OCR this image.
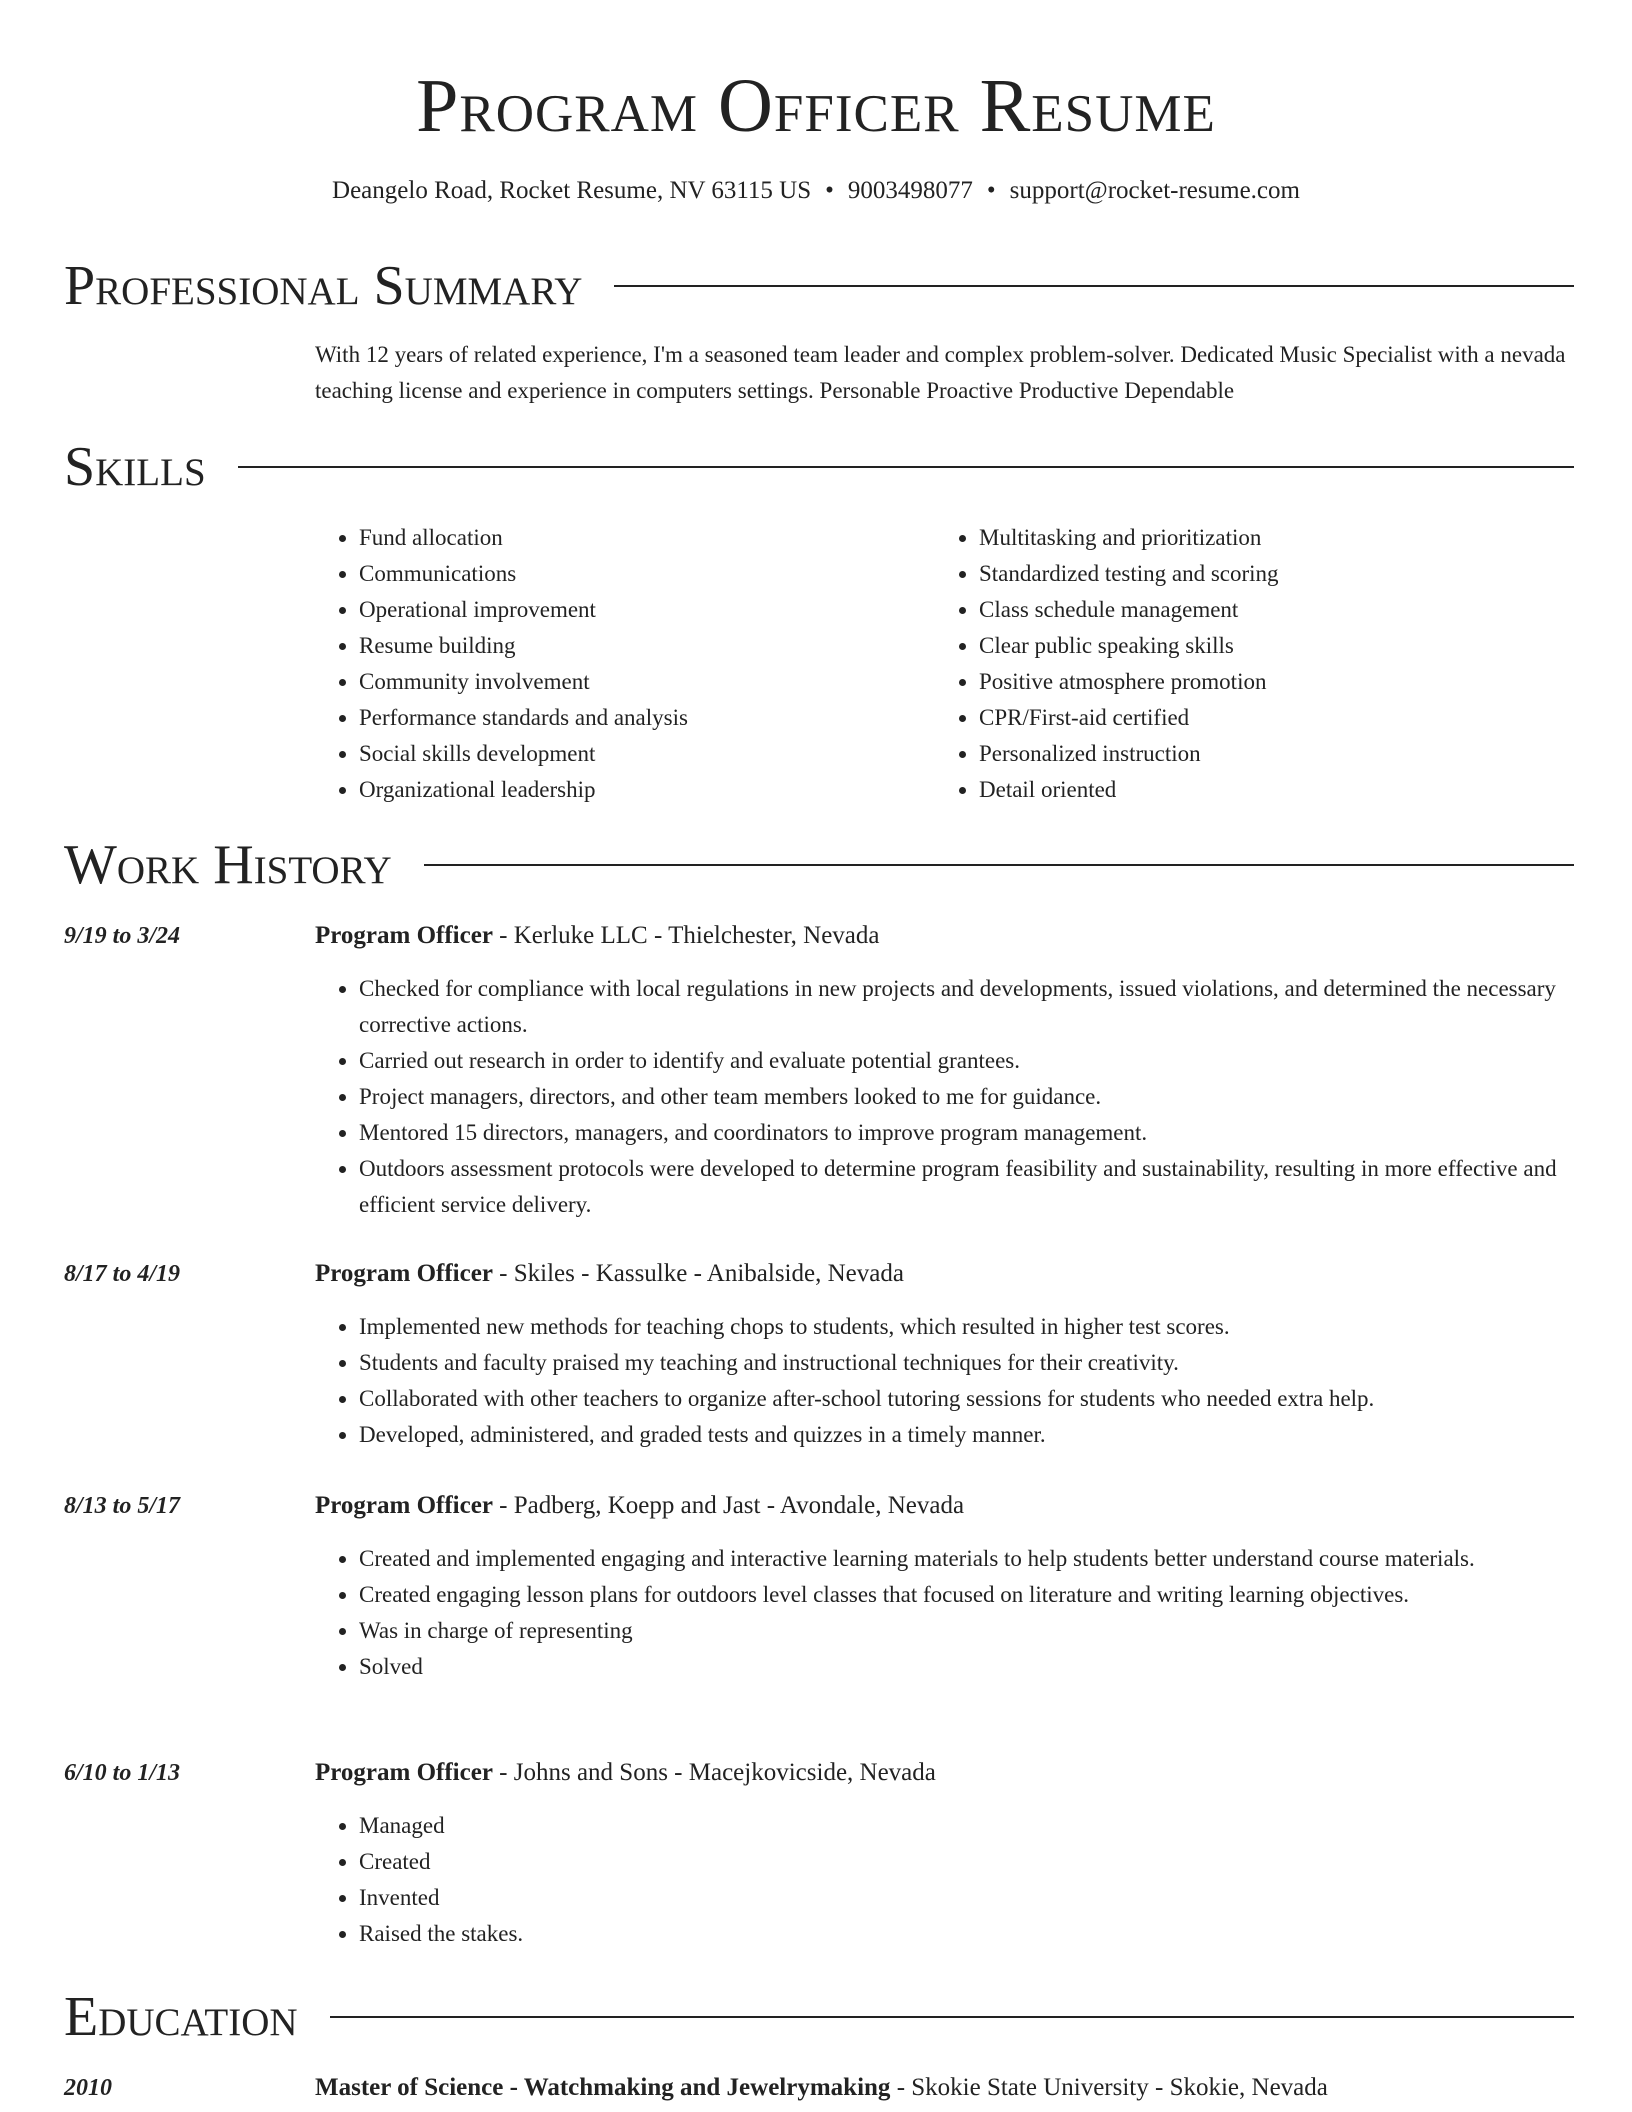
Program Officer Resume
Deangelo Road, Rocket Resume, NV 63115 US • 9003498077 • support@rocket-resume.com
Professional Summary
With 12 years of related experience, I'm a seasoned team leader and complex problem-solver. Dedicated Music Specialist with a nevada teaching license and experience in computers settings. Personable Proactive Productive Dependable
Skills
• Fund allocation
• Communications
• Operational improvement
• Resume building
• Community involvement
• Performance standards and analysis
• Social skills development
• Organizational leadership
• Multitasking and prioritization
• Standardized testing and scoring
• Class schedule management
• Clear public speaking skills
• Positive atmosphere promotion
• CPR/First-aid certified
• Personalized instruction
• Detail oriented
Work History
9/19 to 3/24	Program Officer - Kerluke LLC - Thielchester, Nevada
• Checked for compliance with local regulations in new projects and developments, issued violations, and determined the necessary corrective actions.
• Carried out research in order to identify and evaluate potential grantees.
• Project managers, directors, and other team members looked to me for guidance.
• Mentored 15 directors, managers, and coordinators to improve program management.
• Outdoors assessment protocols were developed to determine program feasibility and sustainability, resulting in more effective and efficient service delivery.
8/17 to 4/19	Program Officer - Skiles - Kassulke - Anibalside, Nevada
• Implemented new methods for teaching chops to students, which resulted in higher test scores.
• Students and faculty praised my teaching and instructional techniques for their creativity.
• Collaborated with other teachers to organize after-school tutoring sessions for students who needed extra help.
• Developed, administered, and graded tests and quizzes in a timely manner.
8/13 to 5/17	Program Officer - Padberg, Koepp and Jast - Avondale, Nevada
• Created and implemented engaging and interactive learning materials to help students better understand course materials.
• Created engaging lesson plans for outdoors level classes that focused on literature and writing learning objectives.
• Was in charge of representing
• Solved
6/10 to 1/13	Program Officer - Johns and Sons - Macejkovicside, Nevada
• Managed
• Created
• Invented
• Raised the stakes.
Education
2010	Master of Science - Watchmaking and Jewelrymaking - Skokie State University - Skokie, Nevada
